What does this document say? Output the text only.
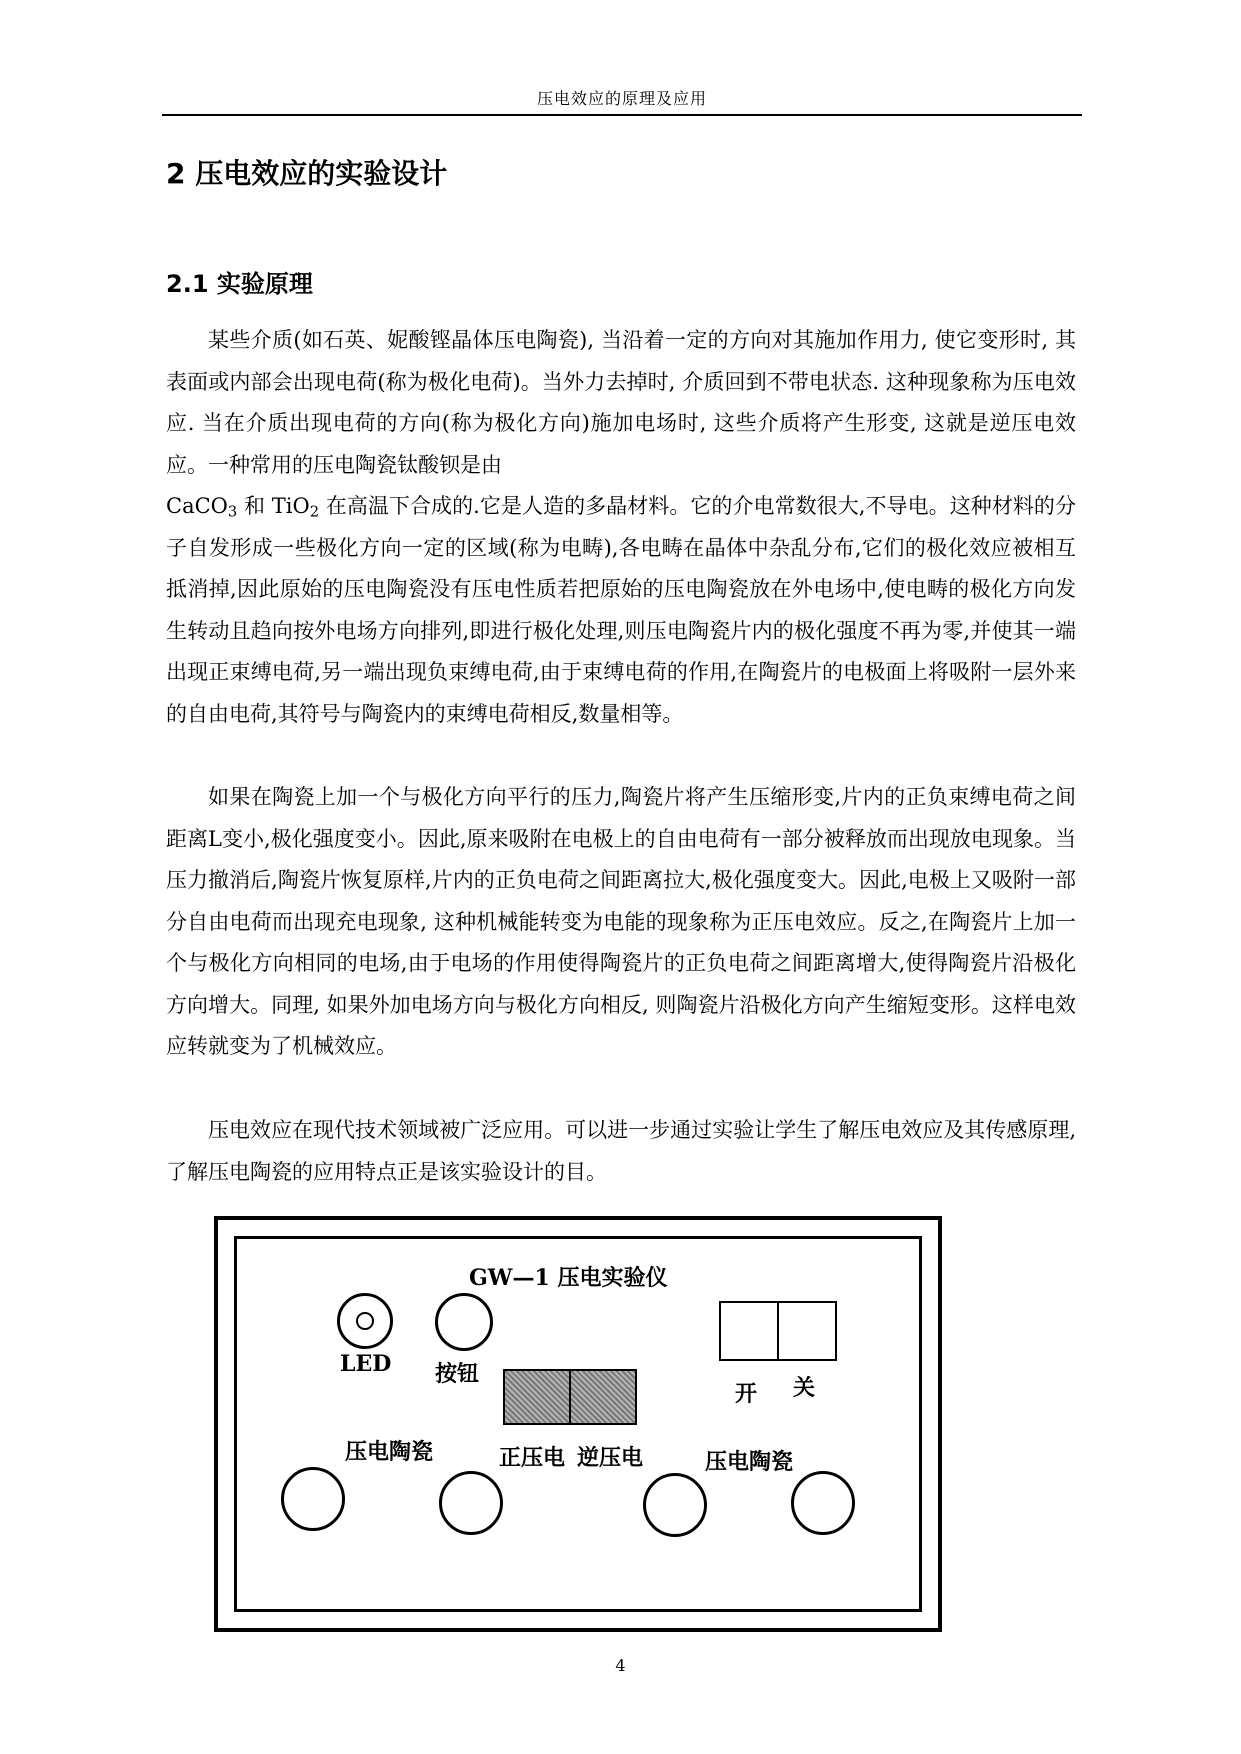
压电效应的原理及应用
2 压电效应的实验设计
2.1 实验原理

某些介质(如石英、妮酸铿晶体压电陶瓷), 当沿着一定的方向对其施加作用力, 使它变形时, 其表面或内部会出现电荷(称为极化电荷)。当外力去掉时, 介质回到不带电状态. 这种现象称为压电效应. 当在介质出现电荷的方向(称为极化方向)施加电场时, 这些介质将产生形变, 这就是逆压电效应。一种常用的压电陶瓷钛酸钡是由
CaCO$_3$ 和 TiO$_2$ 在高温下合成的.它是人造的多晶材料。它的介电常数很大,不导电。这种材料的分子自发形成一些极化方向一定的区域(称为电畴),各电畴在晶体中杂乱分布,它们的极化效应被相互抵消掉,因此原始的压电陶瓷没有压电性质若把原始的压电陶瓷放在外电场中,使电畴的极化方向发生转动且趋向按外电场方向排列,即进行极化处理,则压电陶瓷片内的极化强度不再为零,并使其一端出现正束缚电荷,另一端出现负束缚电荷,由于束缚电荷的作用,在陶瓷片的电极面上将吸附一层外来的自由电荷,其符号与陶瓷内的束缚电荷相反,数量相等。

如果在陶瓷上加一个与极化方向平行的压力,陶瓷片将产生压缩形变,片内的正负束缚电荷之间距离L变小,极化强度变小。因此,原来吸附在电极上的自由电荷有一部分被释放而出现放电现象。当压力撤消后,陶瓷片恢复原样,片内的正负电荷之间距离拉大,极化强度变大。因此,电极上又吸附一部分自由电荷而出现充电现象, 这种机械能转变为电能的现象称为正压电效应。反之,在陶瓷片上加一个与极化方向相同的电场,由于电场的作用使得陶瓷片的正负电荷之间距离增大,使得陶瓷片沿极化方向增大。同理, 如果外加电场方向与极化方向相反, 则陶瓷片沿极化方向产生缩短变形。这样电效应转就变为了机械效应。

压电效应在现代技术领域被广泛应用。可以进一步通过实验让学生了解压电效应及其传感原理,了解压电陶瓷的应用特点正是该实验设计的目。

GW—1 压电实验仪
LED 按钮
开 关
正压电 逆压电
压电陶瓷	压电陶瓷
4
